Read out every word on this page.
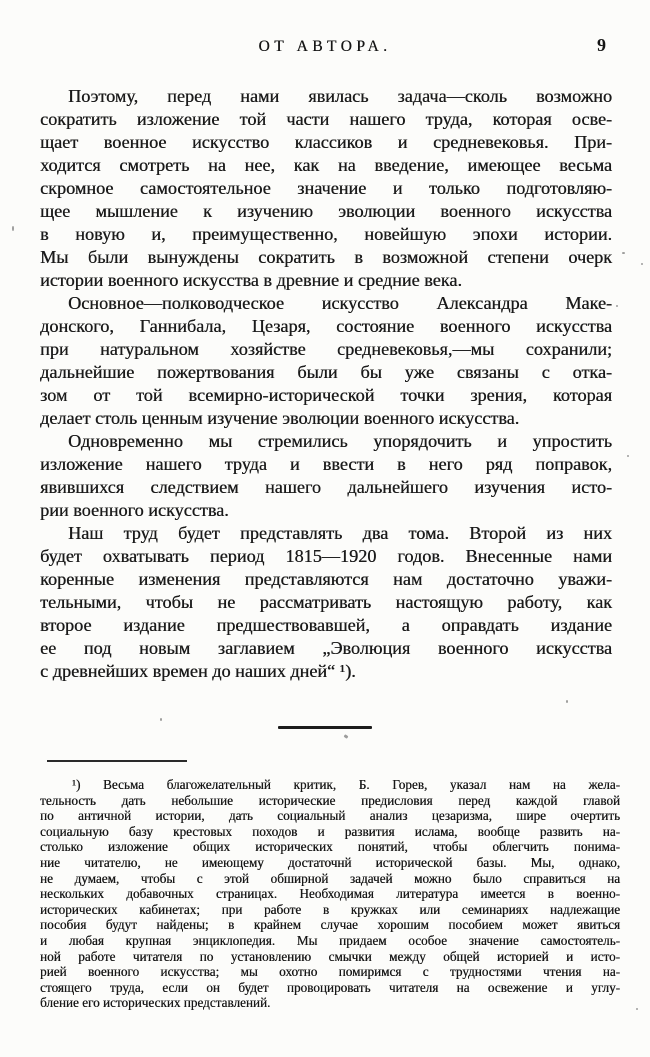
ОТ АВТОРА.	9
Поэтому, перед нами явилась задача—сколь возможно
сократить изложение той части нашего труда, которая осве-
щает военное искусство классиков и средневековья. При-
ходится смотреть на нее, как на введение, имеющее весьма
скромное самостоятельное значение и только подготовляю-
щее мышление к изучению эволюции военного искусства
в новую и, преимущественно, новейшую эпохи истории.
Мы были вынуждены сократить в возможной степени очерк
истории военного искусства в древние и средние века.
Основное—полководческое искусство Александра Маке-
донского, Ганнибала, Цезаря, состояние военного искусства
при натуральном хозяйстве средневековья,—мы сохранили;
дальнейшие пожертвования были бы уже связаны с отка-
зом от той всемирно-исторической точки зрения, которая
делает столь ценным изучение эволюции военного искусства.
Одновременно мы стремились упорядочить и упростить
изложение нашего труда и ввести в него ряд поправок,
явившихся следствием нашего дальнейшего изучения исто-
рии военного искусства.
Наш труд будет представлять два тома. Второй из них
будет охватывать период 1815—1920 годов. Внесенные нами
коренные изменения представляются нам достаточно уважи-
тельными, чтобы не рассматривать настоящую работу, как
второе издание предшествовавшей, а оправдать издание
ее под новым заглавием „Эволюция военного искусства
с древнейших времен до наших дней“ ¹).
¹) Весьма благожелательный критик, Б. Горев, указал нам на жела-
тельность дать небольшие исторические предисловия перед каждой главой
по античной истории, дать социальный анализ цезаризма, шире очертить
социальную базу крестовых походов и развития ислама, вообще развить на-
столько изложение общих исторических понятий, чтобы облегчить понима-
ние читателю, не имеющему достаточнй исторической базы. Мы, однако,
не думаем, чтобы с этой обширной задачей можно было справиться на
нескольких добавочных страницах. Необходимая литература имеется в военно-
исторических кабинетах; при работе в кружках или семинариях надлежащие
пособия будут найдены; в крайнем случае хорошим пособием может явиться
и любая крупная энциклопедия. Мы придаем особое значение самостоятель-
ной работе читателя по установлению смычки между общей историей и исто-
рией военного искусства; мы охотно помиримся с трудностями чтения на-
стоящего труда, если он будет провоцировать читателя на освежение и углу-
бление его исторических представлений.
